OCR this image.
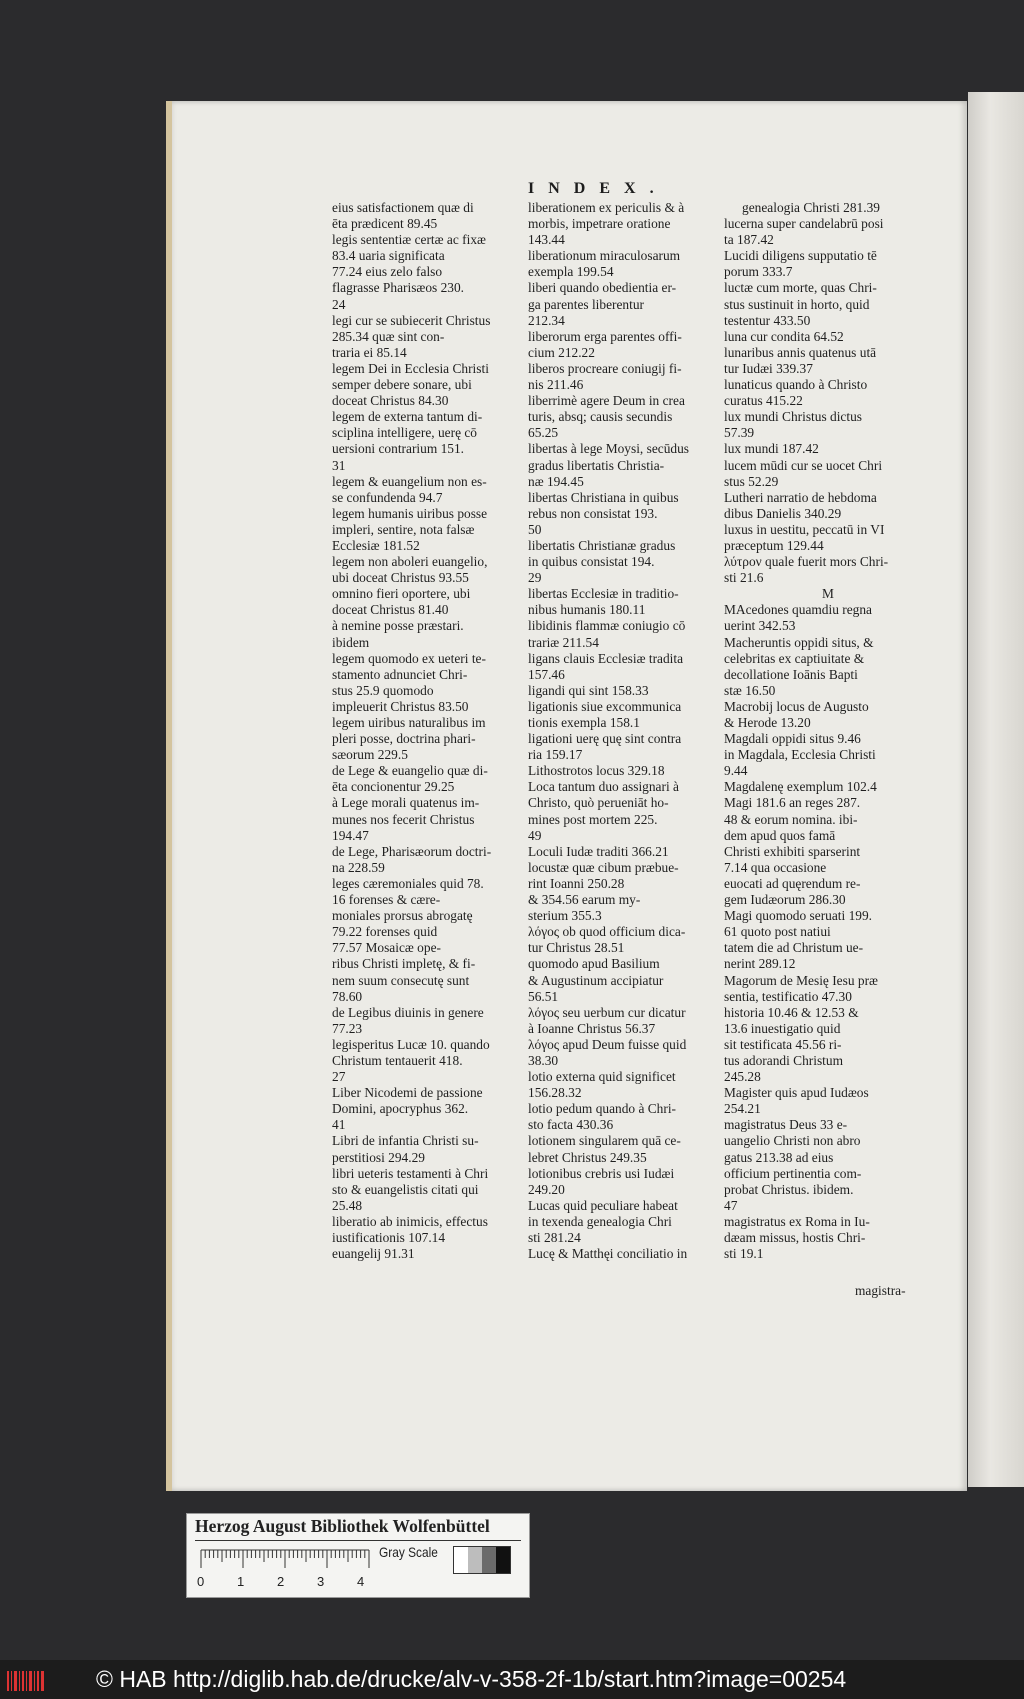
INDEX.
eius satisfactionem quæ di
ēta prædicent 89.45
legis sententiæ certæ ac fixæ
83.4 uaria significata
77.24 eius zelo falso
flagrasse Pharisæos 230.
24
legi cur se subiecerit Christus
285.34 quæ sint con-
traria ei 85.14
legem Dei in Ecclesia Christi
semper debere sonare, ubi
doceat Christus 84.30
legem de externa tantum di-
sciplina intelligere, uerę cō
uersioni contrarium 151.
31
legem & euangelium non es-
se confundenda 94.7
legem humanis uiribus posse
impleri, sentire, nota falsæ
Ecclesiæ 181.52
legem non aboleri euangelio,
ubi doceat Christus 93.55
omnino fieri oportere, ubi
doceat Christus 81.40
à nemine posse præstari.
ibidem
legem quomodo ex ueteri te-
stamento adnunciet Chri-
stus 25.9 quomodo
impleuerit Christus 83.50
legem uiribus naturalibus im
pleri posse, doctrina phari-
sæorum 229.5
de Lege & euangelio quæ di-
ēta concionentur 29.25
à Lege morali quatenus im-
munes nos fecerit Christus
194.47
de Lege, Pharisæorum doctri-
na 228.59
leges cæremoniales quid 78.
16 forenses & cære-
moniales prorsus abrogatę
79.22 forenses quid
77.57 Mosaicæ ope-
ribus Christi impletę, & fi-
nem suum consecutę sunt
78.60
de Legibus diuinis in genere
77.23
legisperitus Lucæ 10. quando
Christum tentauerit 418.
27
Liber Nicodemi de passione
Domini, apocryphus 362.
41
Libri de infantia Christi su-
perstitiosi 294.29
libri ueteris testamenti à Chri
sto & euangelistis citati qui
25.48
liberatio ab inimicis, effectus
iustificationis 107.14
euangelij 91.31
liberationem ex periculis & à
morbis, impetrare oratione
143.44
liberationum miraculosarum
exempla 199.54
liberi quando obedientia er-
ga parentes liberentur
212.34
liberorum erga parentes offi-
cium 212.22
liberos procreare coniugij fi-
nis 211.46
liberrimè agere Deum in crea
turis, absq; causis secundis
65.25
libertas à lege Moysi, secūdus
gradus libertatis Christia-
næ 194.45
libertas Christiana in quibus
rebus non consistat 193.
50
libertatis Christianæ gradus
in quibus consistat 194.
29
libertas Ecclesiæ in traditio-
nibus humanis 180.11
libidinis flammæ coniugio cō
trariæ 211.54
ligans clauis Ecclesiæ tradita
157.46
ligandi qui sint 158.33
ligationis siue excommunica
tionis exempla 158.1
ligationi uerę quę sint contra
ria 159.17
Lithostrotos locus 329.18
Loca tantum duo assignari à
Christo, quò perueniāt ho-
mines post mortem 225.
49
Loculi Iudæ traditi 366.21
locustæ quæ cibum præbue-
rint Ioanni 250.28
& 354.56 earum my-
sterium 355.3
λόγος ob quod officium dica-
tur Christus 28.51
quomodo apud Basilium
& Augustinum accipiatur
56.51
λόγος seu uerbum cur dicatur
à Ioanne Christus 56.37
λόγος apud Deum fuisse quid
38.30
lotio externa quid significet
156.28.32
lotio pedum quando à Chri-
sto facta 430.36
lotionem singularem quā ce-
lebret Christus 249.35
lotionibus crebris usi Iudæi
249.20
Lucas quid peculiare habeat
in texenda genealogia Chri
sti 281.24
Lucę & Matthęi conciliatio in
genealogia Christi 281.39
lucerna super candelabrū posi
ta 187.42
Lucidi diligens supputatio tē
porum 333.7
luctæ cum morte, quas Chri-
stus sustinuit in horto, quid
testentur 433.50
luna cur condita 64.52
lunaribus annis quatenus utā
tur Iudæi 339.37
lunaticus quando à Christo
curatus 415.22
lux mundi Christus dictus
57.39
lux mundi 187.42
lucem mūdi cur se uocet Chri
stus 52.29
Lutheri narratio de hebdoma
dibus Danielis 340.29
luxus in uestitu, peccatū in VI
præceptum 129.44
λύτρον quale fuerit mors Chri-
sti 21.6
M
MAcedones quamdiu regna
uerint 342.53
Macheruntis oppidi situs, &
celebritas ex captiuitate &
decollatione Ioānis Bapti
stæ 16.50
Macrobij locus de Augusto
& Herode 13.20
Magdali oppidi situs 9.46
in Magdala, Ecclesia Christi
9.44
Magdalenę exemplum 102.4
Magi 181.6 an reges 287.
48 & eorum nomina. ibi-
dem apud quos famā
Christi exhibiti sparserint
7.14 qua occasione
euocati ad quęrendum re-
gem Iudæorum 286.30
Magi quomodo seruati 199.
61 quoto post natiui
tatem die ad Christum ue-
nerint 289.12
Magorum de Mesię Iesu præ
sentia, testificatio 47.30
historia 10.46 & 12.53 &
13.6 inuestigatio quid
sit testificata 45.56 ri-
tus adorandi Christum
245.28
Magister quis apud Iudæos
254.21
magistratus Deus 33 e-
uangelio Christi non abro
gatus 213.38 ad eius
officium pertinentia com-
probat Christus. ibidem.
47
magistratus ex Roma in Iu-
dæam missus, hostis Chri-
sti 19.1
magistra-
Herzog August Bibliothek Wolfenbüttel
0	1	2	3	4
Gray Scale
© HAB http://diglib.hab.de/drucke/alv-v-358-2f-1b/start.htm?image=00254
